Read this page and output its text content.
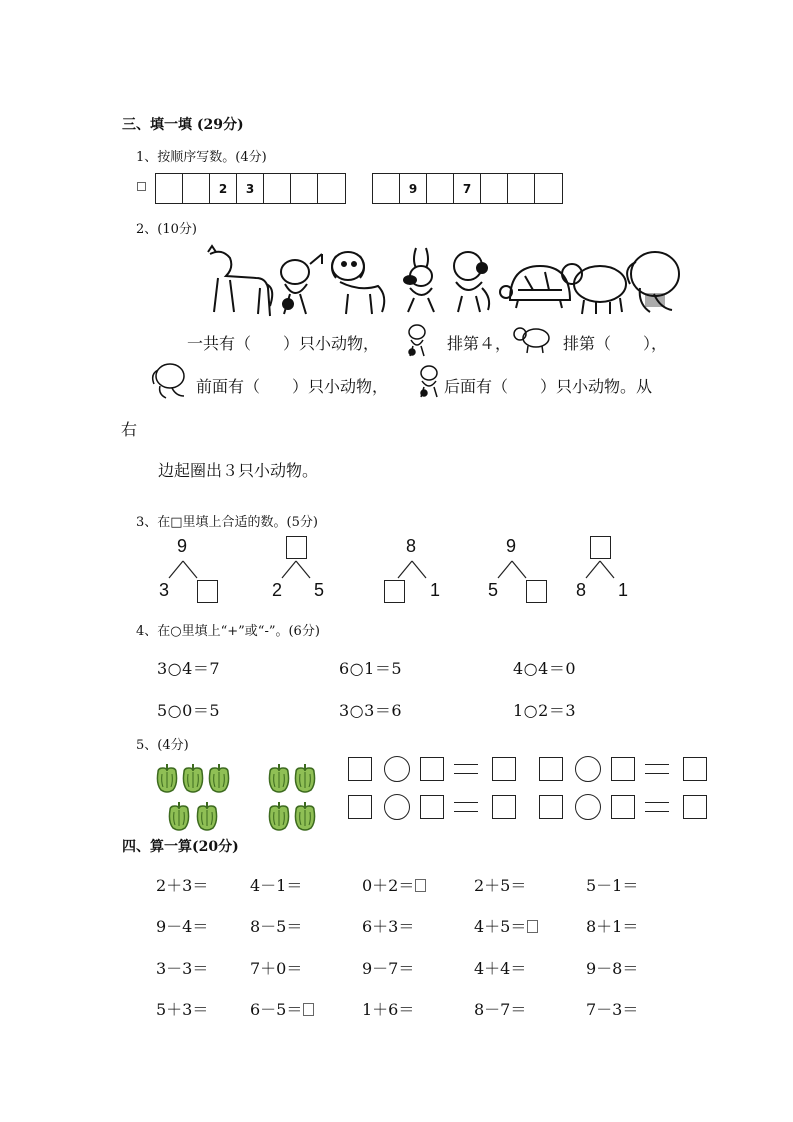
三、填一填 (29分)
1、按顺序写数。(4分)
2	3	9	7
2、(10分)
一共有（　　）只小动物，	排第４，	排第（　　），
前面有（　　）只小动物，	后面有（　　）只小动物。从
右
边起圈出３只小动物。
3、在□里填上合适的数。(5分)
9
3	2 5
8
1
9
5	8 1
4、在○里填上“+”或“-”。(6分)
3○4＝7	6○1＝5	4○4＝0
5○0＝5	3○3＝6	1○2＝3
5、(4分)
四、算一算(20分)
2＋3＝	4－1＝	0＋2＝	2＋5＝	5－1＝
9－4＝	8－5＝	6＋3＝	4＋5＝	8＋1＝
3－3＝	7＋0＝	9－7＝	4＋4＝	9－8＝
5＋3＝	6－5＝	1＋6＝	8－7＝	7－3＝
